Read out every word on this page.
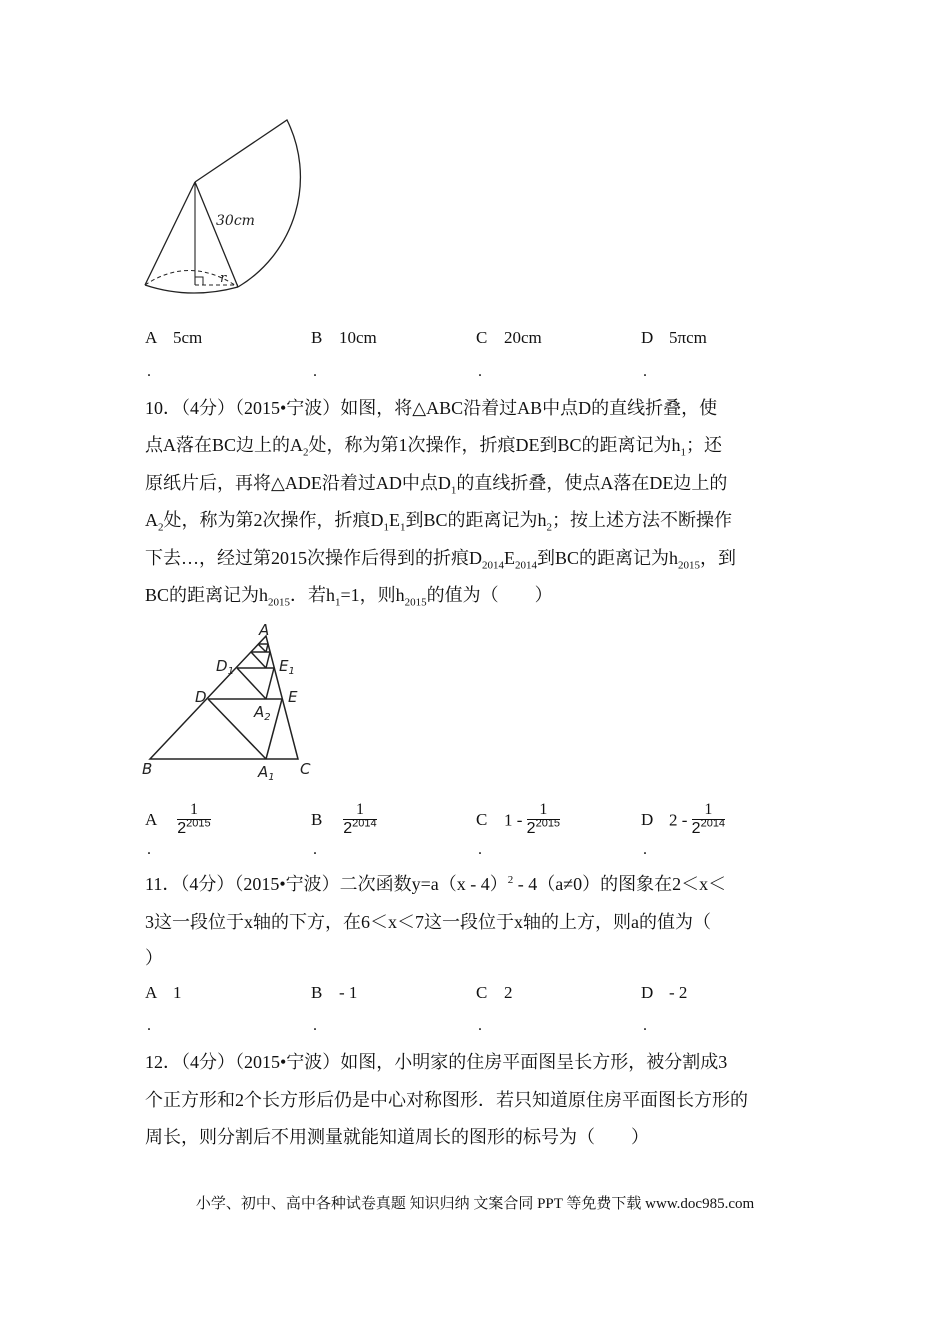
30cm
r
A 5cm	B 10cm	C 20cm	D 5πcm
.	.	.	.
10．（4分）（2015•宁波）如图，将△ABC沿着过AB中点D的直线折叠，使
点A落在BC边上的$A_2$处，称为第1次操作，折痕DE到BC的距离记为$h_1$；还
原纸片后，再将△ADE沿着过AD中点$D_1$的直线折叠，使点A落在DE边上的
$A_2$处，称为第2次操作，折痕$D_1E_1$到BC的距离记为$h_2$；按上述方法不断操作
下去…，经过第2015次操作后得到的折痕$D_{2014}E_{2014}$到BC的距离记为$h_{2015}$，到
BC的距离记为$h_{2015}$．若$h_1=1$，则$h_{2015}$的值为（　　）
A
$D_1$	$E_1$
D	E
$A_2$
B	$A_1$ C
A $\frac{1}{2^{2015}}$	B $\frac{1}{2^{2014}}$	C $1 - \frac{1}{2^{2015}}$	D $2 - \frac{1}{2^{2014}}$
.	.	.	.
11．（4分）（2015•宁波）二次函数y=a（x - 4）$^2$ - 4（a≠0）的图象在2＜x＜
3这一段位于x轴的下方，在6＜x＜7这一段位于x轴的上方，则a的值为（
）
A 1	B - 1	C 2	D - 2
.	.	.	.
12．（4分）（2015•宁波）如图，小明家的住房平面图呈长方形，被分割成3
个正方形和2个长方形后仍是中心对称图形．若只知道原住房平面图长方形的
周长，则分割后不用测量就能知道周长的图形的标号为（　　）
小学、初中、高中各种试卷真题 知识归纳 文案合同 PPT 等免费下载 www.doc985.com
